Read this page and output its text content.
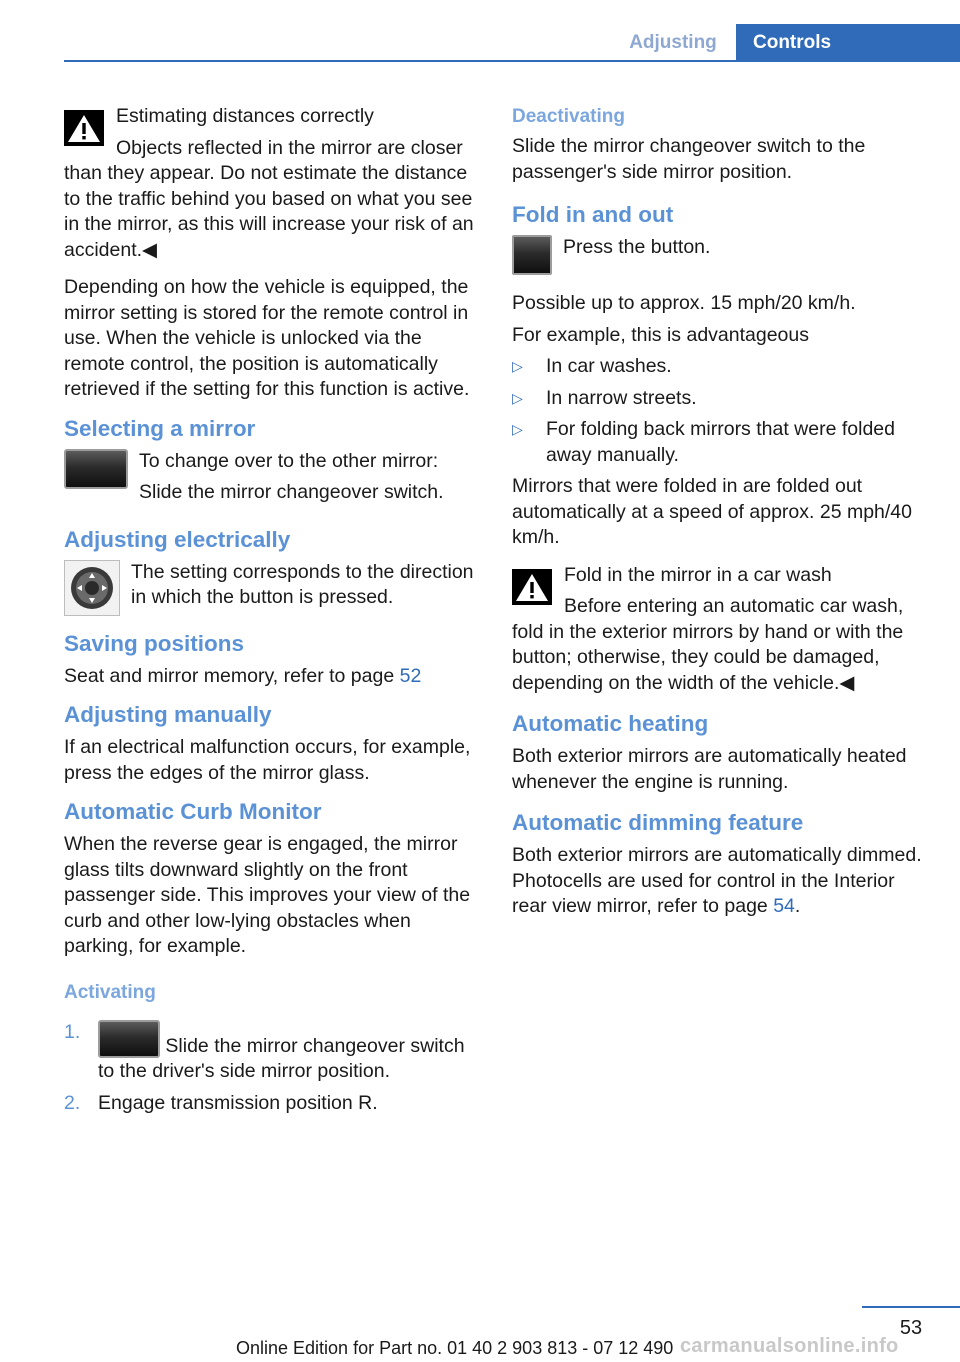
Adjusting	Controls
Estimating distances correctly
Objects reflected in the mirror are closer than they appear. Do not estimate the distance to the traffic behind you based on what you see in the mirror, as this will increase your risk of an accident.◀

Depending on how the vehicle is equipped, the mirror setting is stored for the remote control in use. When the vehicle is unlocked via the remote control, the position is automatically retrieved if the setting for this function is active.

Selecting a mirror

To change over to the other mirror:

Slide the mirror changeover switch.

Adjusting electrically

The setting corresponds to the direction in which the button is pressed.

Saving positions

Seat and mirror memory, refer to page 52

Adjusting manually

If an electrical malfunction occurs, for example, press the edges of the mirror glass.

Automatic Curb Monitor

When the reverse gear is engaged, the mirror glass tilts downward slightly on the front passenger side. This improves your view of the curb and other low-lying obstacles when parking, for example.

Activating
1.
Slide the mirror changeover switch to the driver's side mirror position.
2. Engage transmission position R.
Deactivating

Slide the mirror changeover switch to the passenger's side mirror position.

Fold in and out

Press the button.

Possible up to approx. 15 mph/20 km/h.

For example, this is advantageous

▷ In car washes.
▷ In narrow streets.
▷ For folding back mirrors that were folded away manually.

Mirrors that were folded in are folded out automatically at a speed of approx. 25 mph/40 km/h.

Fold in the mirror in a car wash
Before entering an automatic car wash, fold in the exterior mirrors by hand or with the button; otherwise, they could be damaged, depending on the width of the vehicle.◀
Automatic heating

Both exterior mirrors are automatically heated whenever the engine is running.

Automatic dimming feature

Both exterior mirrors are automatically dimmed. Photocells are used for control in the Interior rear view mirror, refer to page 54.

53
Online Edition for Part no. 01 40 2 903 813 - 07 12 490 carmanualsonline.info
